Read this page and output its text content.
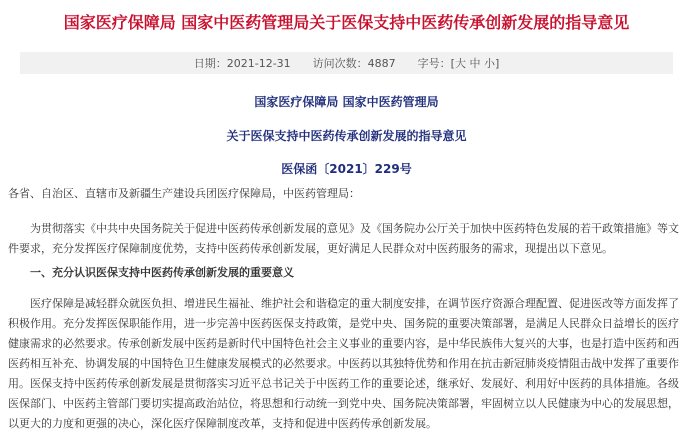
国家医疗保障局 国家中医药管理局关于医保支持中医药传承创新发展的指导意见
日期： 2021-12-31 访问次数： 4887 字号： [ 大
中
小 ]
国家医疗保障局 国家中医药管理局
关于医保支持中医药传承创新发展的指导意见
医保函〔2021〕229号
各省、自治区、直辖市及新疆生产建设兵团医疗保障局，中医药管理局：
为贯彻落实《中共中央国务院关于促进中医药传承创新发展的意见》及《国务院办公厅关于加快中医药特色发展的若干政策措施》等文件要求，充分发挥医疗保障制度优势，支持中医药传承创新发展，更好满足人民群众对中医药服务的需求，现提出以下意见。
一、充分认识医保支持中医药传承创新发展的重要意义
医疗保障是减轻群众就医负担、增进民生福祉、维护社会和谐稳定的重大制度安排，在调节医疗资源合理配置、促进医改等方面发挥了积极作用。充分发挥医保职能作用，进一步完善中医药医保支持政策，是党中央、国务院的重要决策部署，是满足人民群众日益增长的医疗健康需求的必然要求。传承创新发展中医药是新时代中国特色社会主义事业的重要内容，是中华民族伟大复兴的大事，也是打造中医药和西医药相互补充、协调发展的中国特色卫生健康发展模式的必然要求。中医药以其独特优势和作用在抗击新冠肺炎疫情阻击战中发挥了重要作用。医保支持中医药传承创新发展是贯彻落实习近平总书记关于中医药工作的重要论述，继承好、发展好、利用好中医药的具体措施。各级医保部门、中医药主管部门要切实提高政治站位，将思想和行动统一到党中央、国务院决策部署，牢固树立以人民健康为中心的发展思想，以更大的力度和更强的决心，深化医疗保障制度改革，支持和促进中医药传承创新发展。
